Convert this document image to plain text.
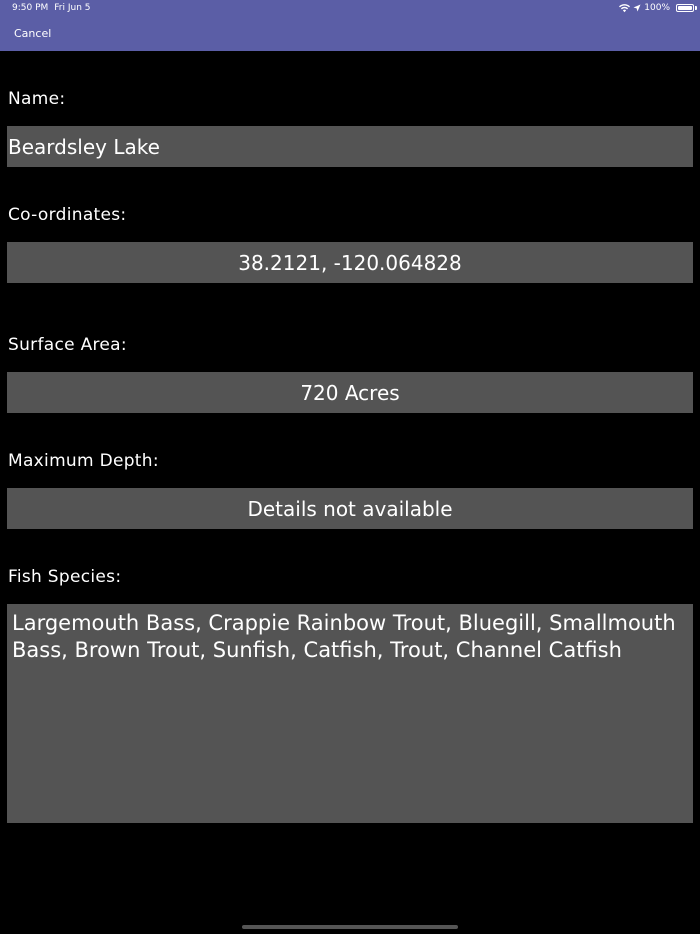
9:50 PM Fri Jun 5	100%
Cancel
Name:
Beardsley Lake
Co-ordinates:
38.2121, -120.064828
Surface Area:
720 Acres
Maximum Depth:
Details not available
Fish Species:
Largemouth Bass, Crappie Rainbow Trout, Bluegill, Smallmouth Bass, Brown Trout, Sunfish, Catfish, Trout, Channel Catfish
